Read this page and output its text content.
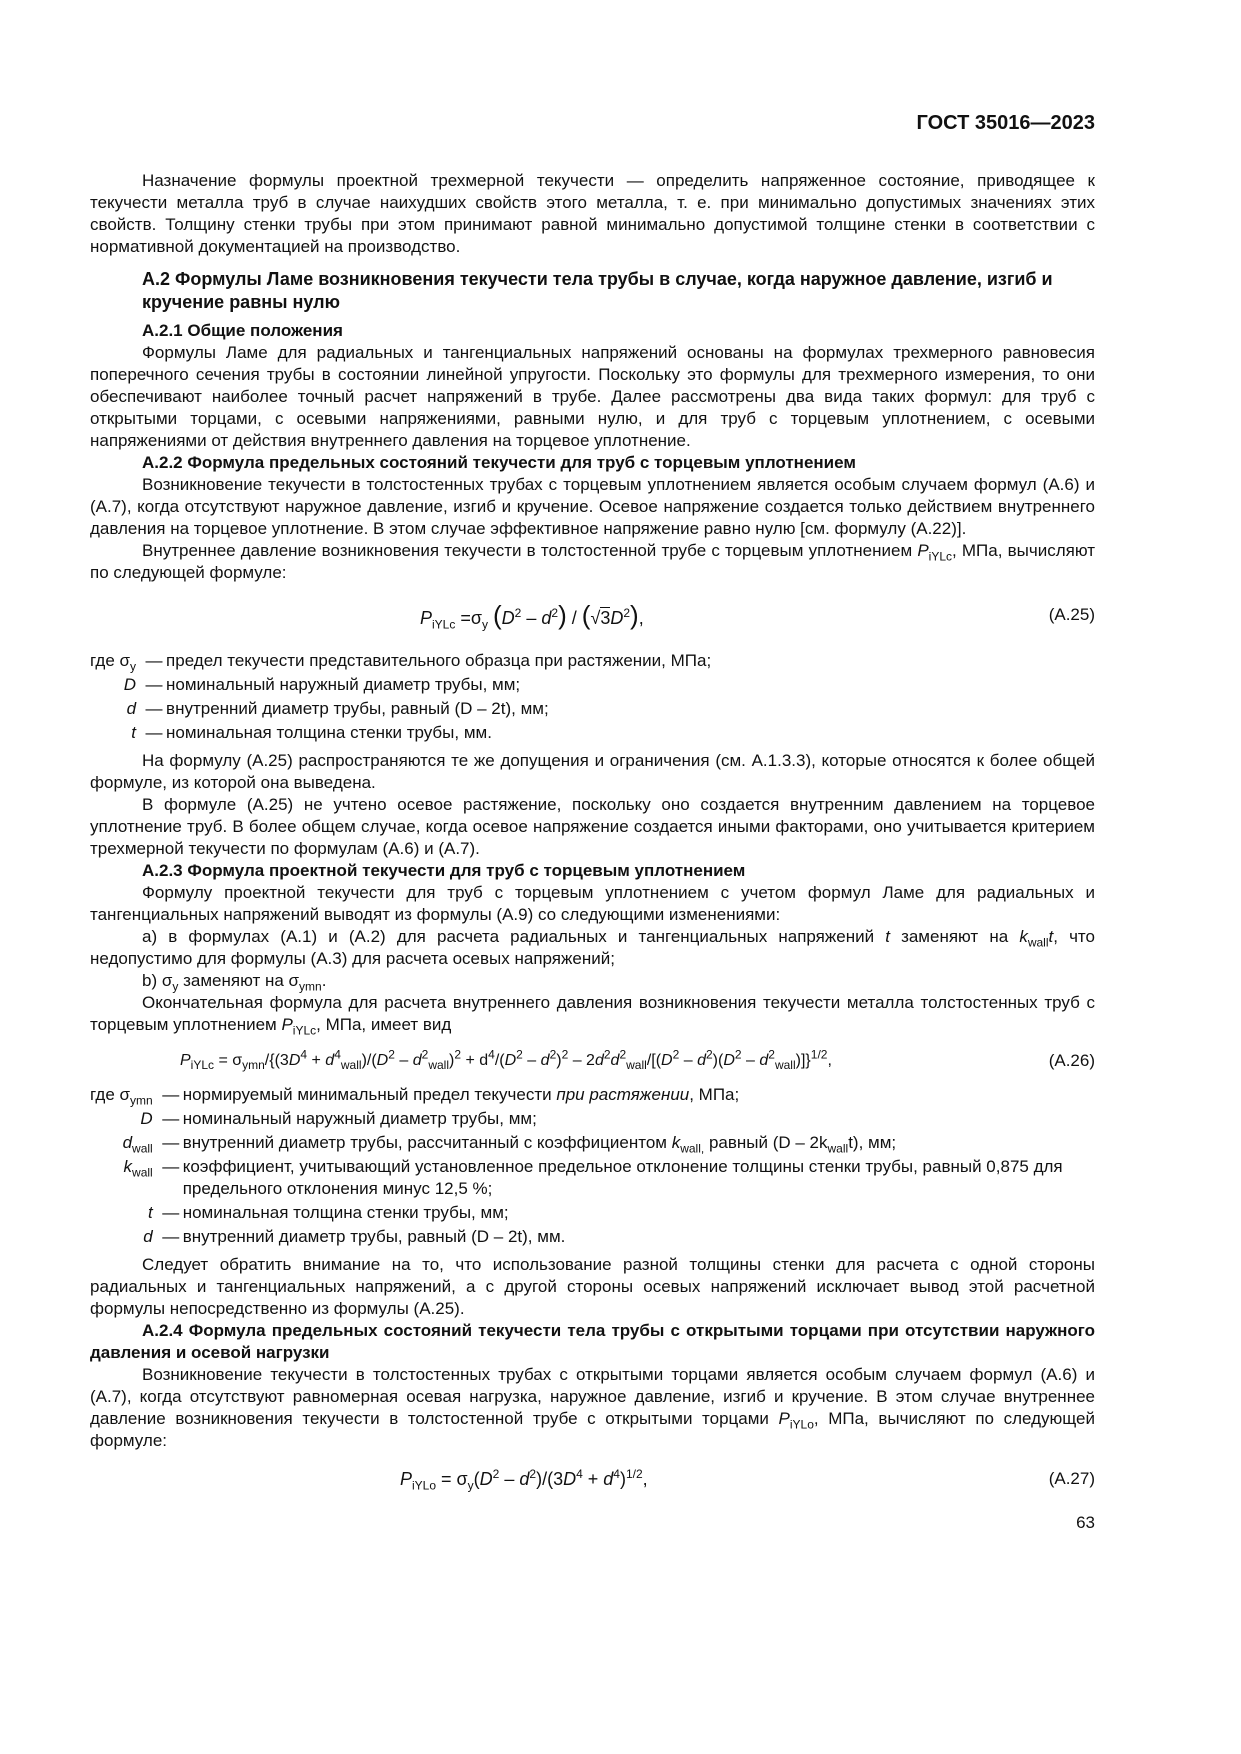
ГОСТ 35016—2023

Назначение формулы проектной трехмерной текучести — определить напряженное состояние, приводящее к текучести металла труб в случае наихудших свойств этого металла, т. е. при минимально допустимых значениях этих свойств. Толщину стенки трубы при этом принимают равной минимально допустимой толщине стенки в соответствии с нормативной документацией на производство.

А.2 Формулы Ламе возникновения текучести тела трубы в случае, когда наружное давление, изгиб и кручение равны нулю
А.2.1 Общие положения

Формулы Ламе для радиальных и тангенциальных напряжений основаны на формулах трехмерного равновесия поперечного сечения трубы в состоянии линейной упругости. Поскольку это формулы для трехмерного измерения, то они обеспечивают наиболее точный расчет напряжений в трубе. Далее рассмотрены два вида таких формул: для труб с открытыми торцами, с осевыми напряжениями, равными нулю, и для труб с торцевым уплотнением, с осевыми напряжениями от действия внутреннего давления на торцевое уплотнение.

А.2.2 Формула предельных состояний текучести для труб с торцевым уплотнением

Возникновение текучести в толстостенных трубах с торцевым уплотнением является особым случаем формул (А.6) и (А.7), когда отсутствуют наружное давление, изгиб и кручение. Осевое напряжение создается только действием внутреннего давления на торцевое уплотнение. В этом случае эффективное напряжение равно нулю [см. формулу (А.22)].

Внутреннее давление возникновения текучести в толстостенной трубе с торцевым уплотнением $P_{iYLc}$, МПа, вычисляют по следующей формуле:

$P_{iYLc} =\sigma_y$ $(D^2 - d^2) / (√3D^2)$,	(А.25)
где $\sigma_y$	—	предел текучести представительного образца при растяжении, МПа;
D	—	номинальный наружный диаметр трубы, мм;
d	—	внутренний диаметр трубы, равный (D – 2t), мм;
t	—	номинальная толщина стенки трубы, мм.

На формулу (А.25) распространяются те же допущения и ограничения (см. А.1.3.3), которые относятся к более общей формуле, из которой она выведена.

В формуле (А.25) не учтено осевое растяжение, поскольку оно создается внутренним давлением на торцевое уплотнение труб. В более общем случае, когда осевое напряжение создается иными факторами, оно учитывается критерием трехмерной текучести по формулам (А.6) и (А.7).

А.2.3 Формула проектной текучести для труб с торцевым уплотнением

Формулу проектной текучести для труб с торцевым уплотнением с учетом формул Ламе для радиальных и тангенциальных напряжений выводят из формулы (А.9) со следующими изменениями:

а) в формулах (А.1) и (А.2) для расчета радиальных и тангенциальных напряжений t заменяют на $k_{wall}t$, что недопустимо для формулы (А.3) для расчета осевых напряжений;

b) $\sigma_y$ заменяют на $\sigma_{ymn}$.

Окончательная формула для расчета внутреннего давления возникновения текучести металла толстостенных труб с торцевым уплотнением $P_{iYLc}$, МПа, имеет вид

$P_{iYLc} = \sigma_{ymn}/\{(3D^4 + d^4_{wall})/(D^2 - d^2_{wall})^2 + d^4/(D^2 - d^2)^2 - 2d^2d^2_{wall}/[(D^2 - d^2)(D^2 - d^2_{wall})]\}^{1/2}$,	(А.26)
где $\sigma_{ymn}$	—	нормируемый минимальный предел текучести при растяжении, МПа;
D	—	номинальный наружный диаметр трубы, мм;
$d_{wall}$	—	внутренний диаметр трубы, рассчитанный с коэффициентом $k_{wall,}$ равный $(D - 2k_{wall}t)$, мм;
$k_{wall}$	—	коэффициент, учитывающий установленное предельное отклонение толщины стенки трубы, равный 0,875 для предельного отклонения минус 12,5 %;
t	—	номинальная толщина стенки трубы, мм;
d	—	внутренний диаметр трубы, равный (D – 2t), мм.

Следует обратить внимание на то, что использование разной толщины стенки для расчета с одной стороны радиальных и тангенциальных напряжений, а с другой стороны осевых напряжений исключает вывод этой расчетной формулы непосредственно из формулы (А.25).

А.2.4 Формула предельных состояний текучести тела трубы с открытыми торцами при отсутствии наружного давления и осевой нагрузки

Возникновение текучести в толстостенных трубах с открытыми торцами является особым случаем формул (А.6) и (А.7), когда отсутствуют равномерная осевая нагрузка, наружное давление, изгиб и кручение. В этом случае внутреннее давление возникновения текучести в толстостенной трубе с открытыми торцами $P_{iYLo}$, МПа, вычисляют по следующей формуле:

$P_{iYLo} = \sigma_y(D^2 - d^2)/(3D^4 + d^4)^{1/2}$,	(А.27)
63
